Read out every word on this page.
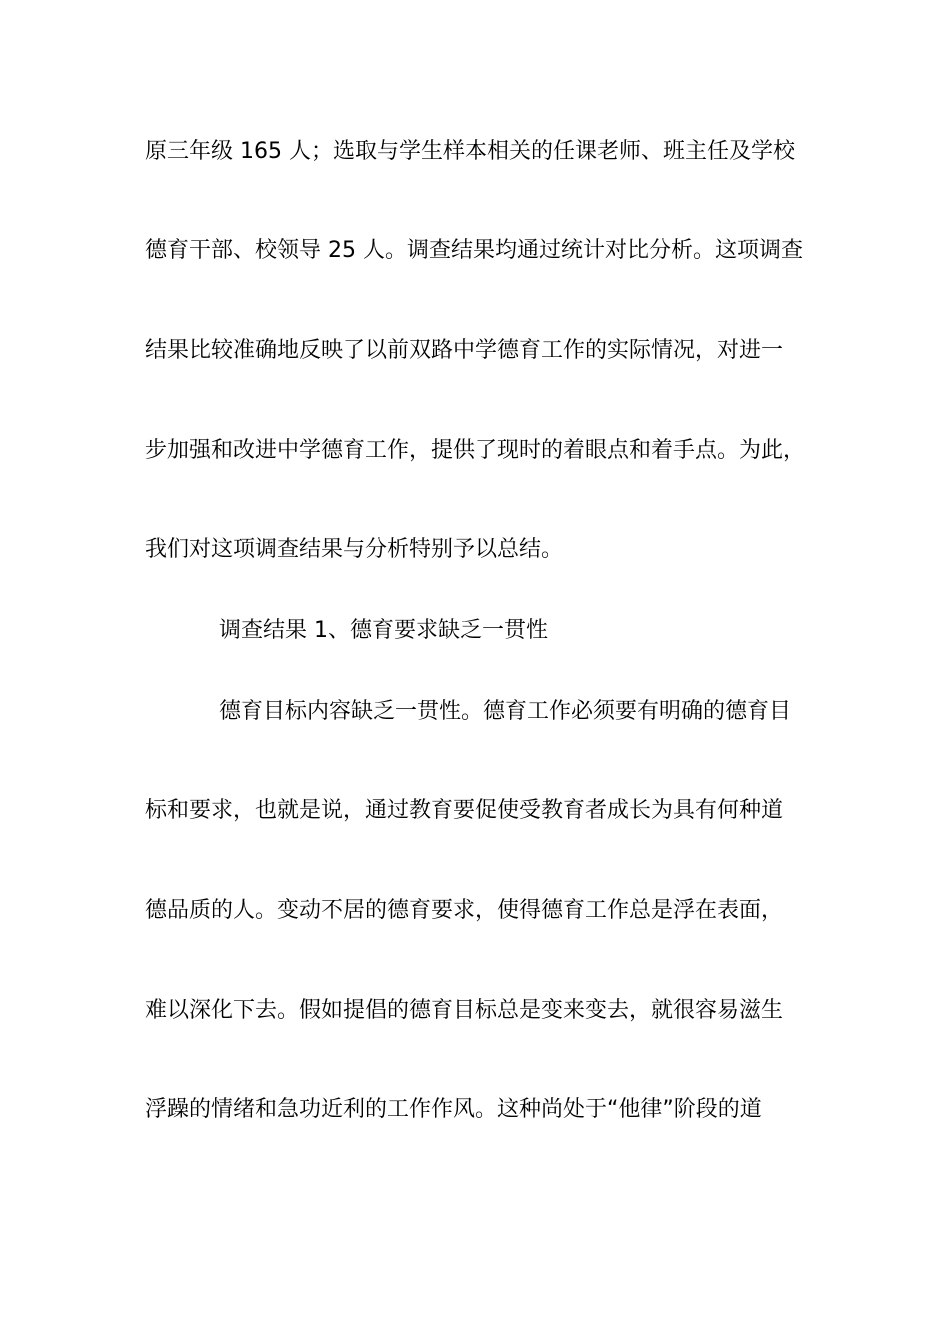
原三年级 165 人；选取与学生样本相关的任课老师、班主任及学校

德育干部、校领导 25 人。调查结果均通过统计对比分析。这项调查

结果比较准确地反映了以前双路中学德育工作的实际情况，对进一

步加强和改进中学德育工作，提供了现时的着眼点和着手点。为此，

我们对这项调查结果与分析特别予以总结。

调查结果 1、德育要求缺乏一贯性

德育目标内容缺乏一贯性。德育工作必须要有明确的德育目

标和要求，也就是说，通过教育要促使受教育者成长为具有何种道

德品质的人。变动不居的德育要求，使得德育工作总是浮在表面，

难以深化下去。假如提倡的德育目标总是变来变去，就很容易滋生

浮躁的情绪和急功近利的工作作风。这种尚处于“他律”阶段的道
